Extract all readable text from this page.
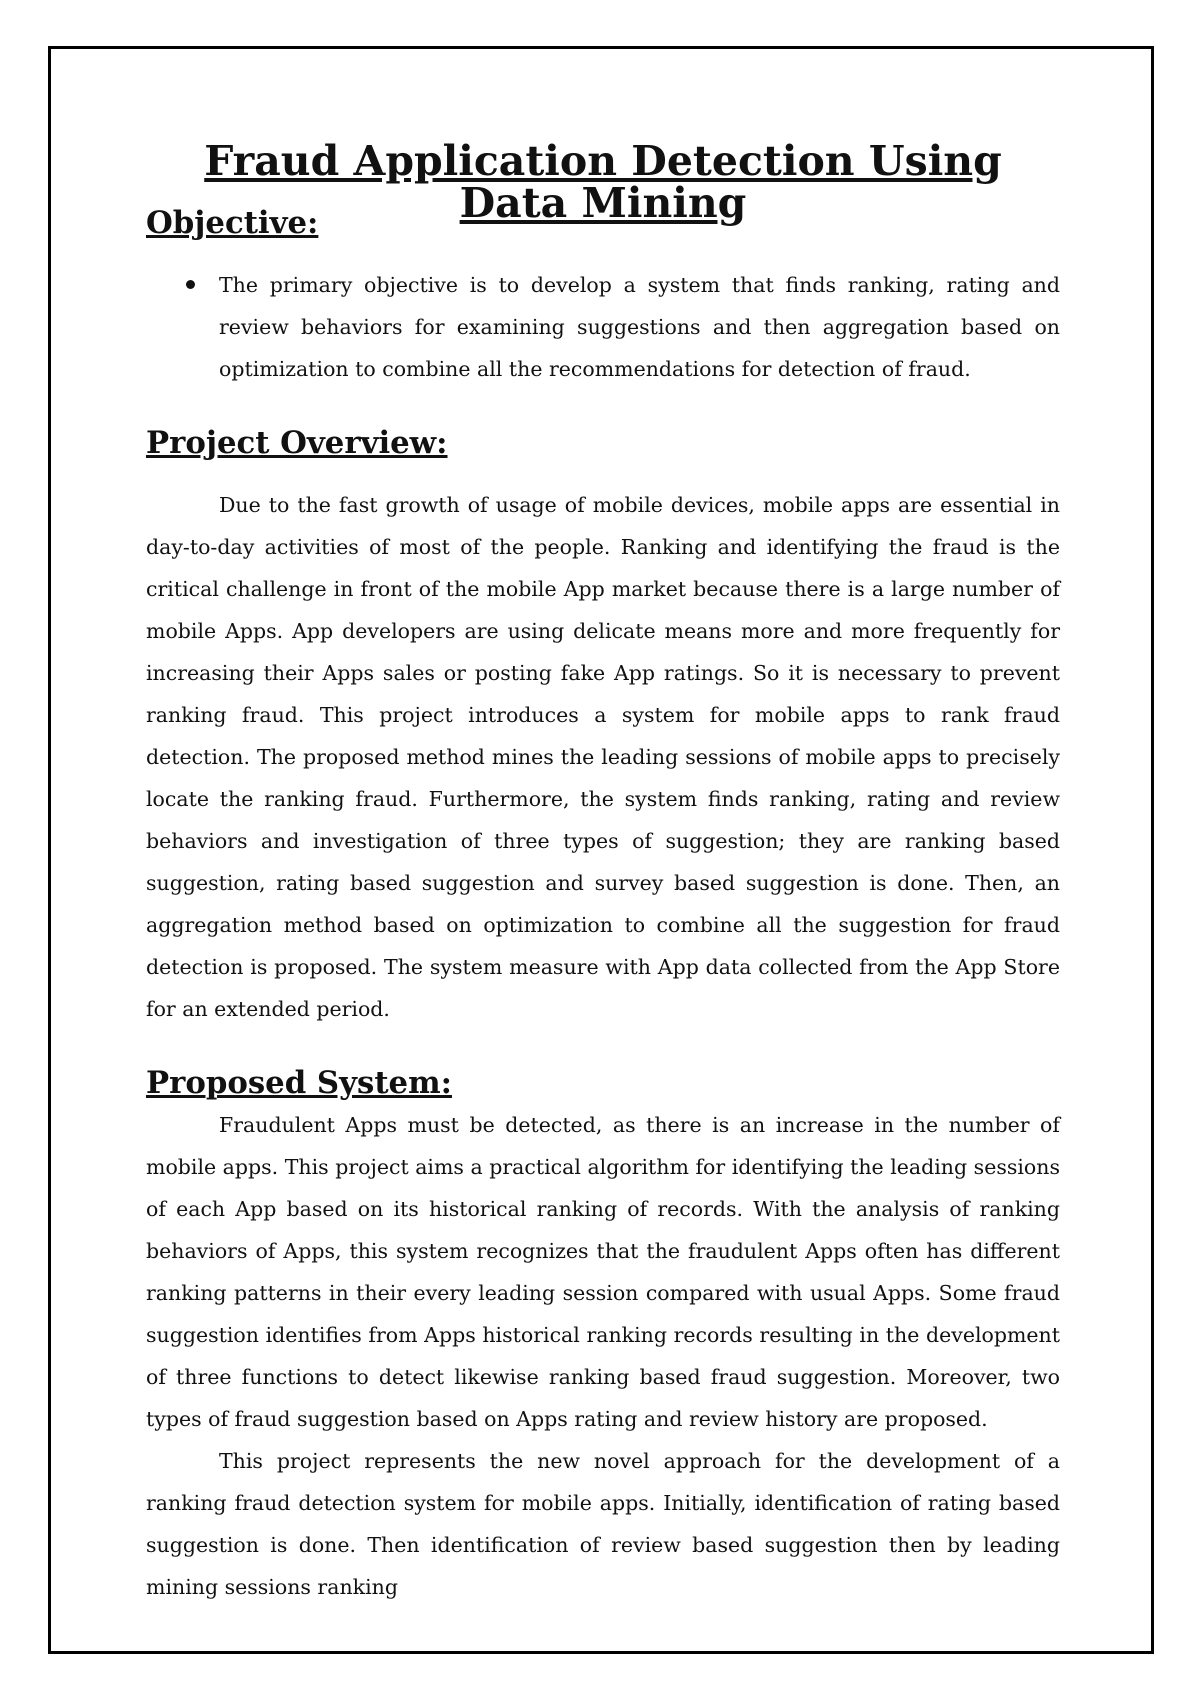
Fraud Application Detection Using Data Mining
Objective:
The primary objective is to develop a system that finds ranking, rating and review behaviors for examining suggestions and then aggregation based on optimization to combine all the recommendations for detection of fraud.
Project Overview:

Due to the fast growth of usage of mobile devices, mobile apps are essential in day-to-day activities of most of the people. Ranking and identifying the fraud is the critical challenge in front of the mobile App market because there is a large number of mobile Apps. App developers are using delicate means more and more frequently for increasing their Apps sales or posting fake App ratings. So it is necessary to prevent ranking fraud. This project introduces a system for mobile apps to rank fraud detection. The proposed method mines the leading sessions of mobile apps to precisely locate the ranking fraud. Furthermore, the system finds ranking, rating and review behaviors and investigation of three types of suggestion; they are ranking based suggestion, rating based suggestion and survey based suggestion is done. Then, an aggregation method based on optimization to combine all the suggestion for fraud detection is proposed. The system measure with App data collected from the App Store for an extended period.

Proposed System:

Fraudulent Apps must be detected, as there is an increase in the number of mobile apps. This project aims a practical algorithm for identifying the leading sessions of each App based on its historical ranking of records. With the analysis of ranking behaviors of Apps, this system recognizes that the fraudulent Apps often has different ranking patterns in their every leading session compared with usual Apps. Some fraud suggestion identifies from Apps historical ranking records resulting in the development of three functions to detect likewise ranking based fraud suggestion. Moreover, two types of fraud suggestion based on Apps rating and review history are proposed.

This project represents the new novel approach for the development of a ranking fraud detection system for mobile apps. Initially, identification of rating based suggestion is done. Then identification of review based suggestion then by leading mining sessions ranking
